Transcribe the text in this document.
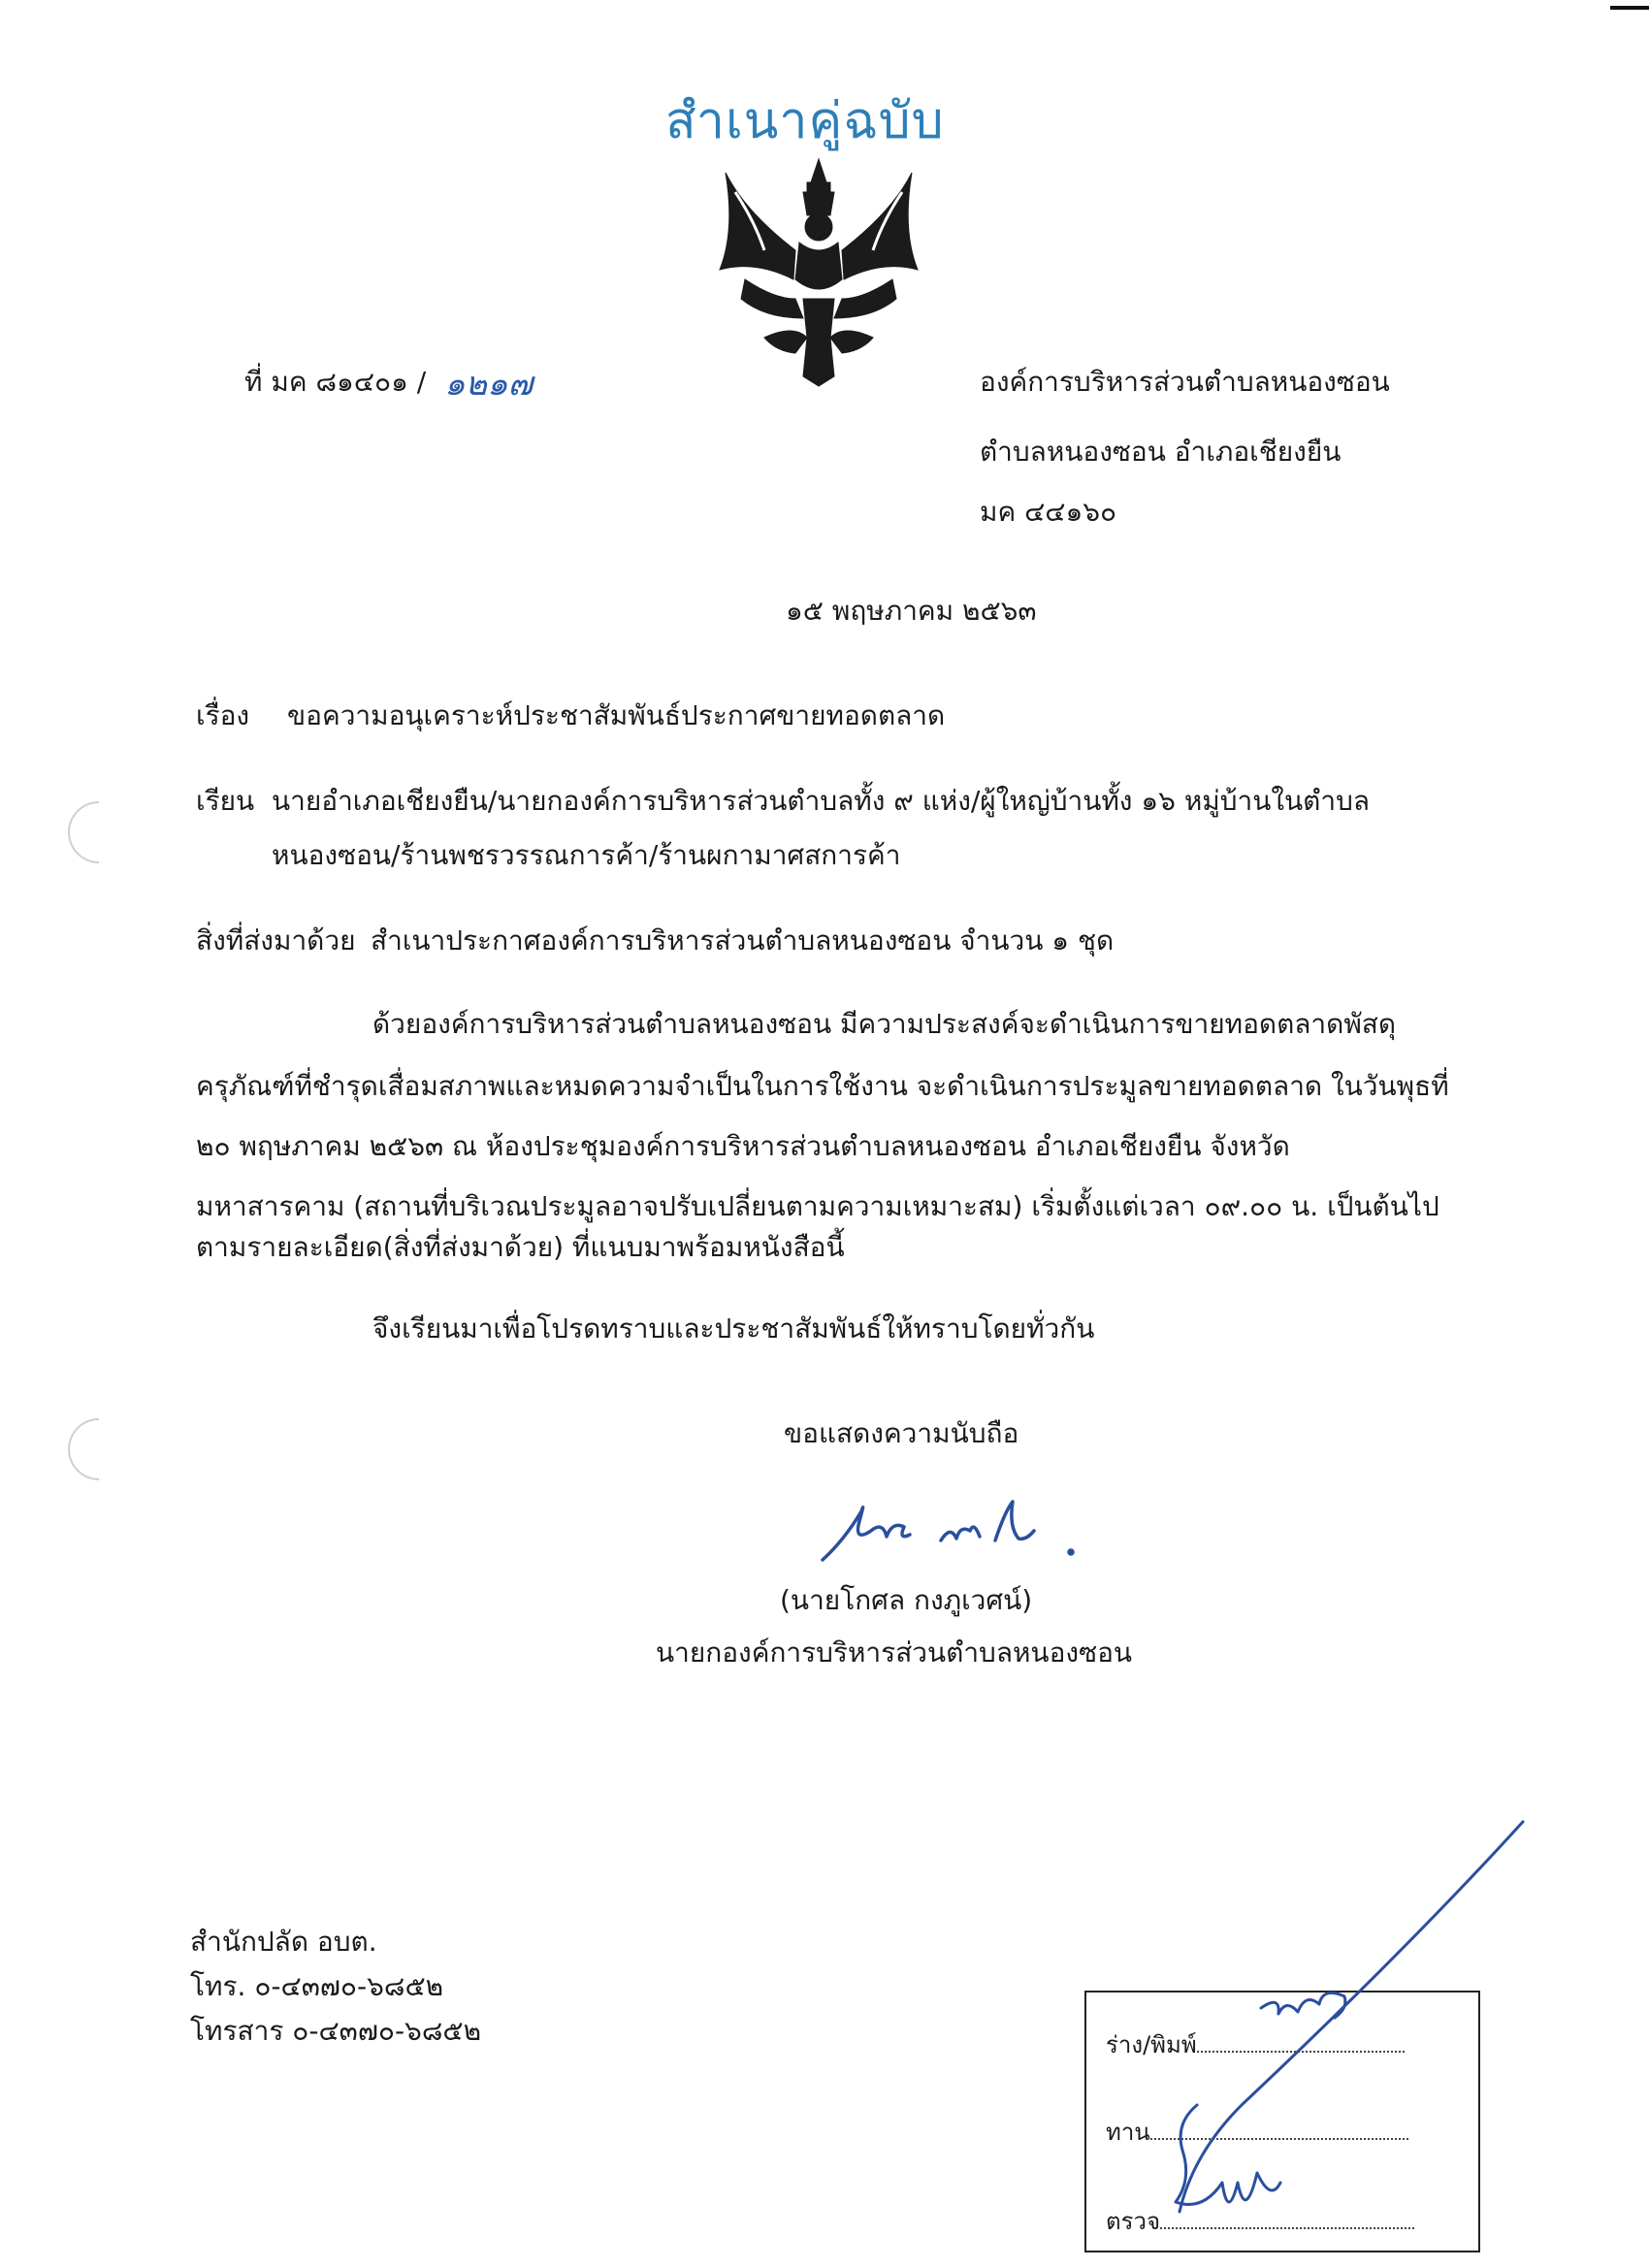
สำเนาคู่ฉบับ
ที่ มค ๘๑๔๐๑ / ๑๒๑๗	องค์การบริหารส่วนตำบลหนองซอน
ตำบลหนองซอน อำเภอเชียงยืน
มค ๔๔๑๖๐
๑๕ พฤษภาคม ๒๕๖๓
เรื่อง ขอความอนุเคราะห์ประชาสัมพันธ์ประกาศขายทอดตลาด
เรียน นายอำเภอเชียงยืน/นายกองค์การบริหารส่วนตำบลทั้ง ๙ แห่ง/ผู้ใหญ่บ้านทั้ง ๑๖ หมู่บ้านในตำบล
หนองซอน/ร้านพชรวรรณการค้า/ร้านผกามาศสการค้า
สิ่งที่ส่งมาด้วย สำเนาประกาศองค์การบริหารส่วนตำบลหนองซอน จำนวน ๑ ชุด
ด้วยองค์การบริหารส่วนตำบลหนองซอน มีความประสงค์จะดำเนินการขายทอดตลาดพัสดุ
ครุภัณฑ์ที่ชำรุดเสื่อมสภาพและหมดความจำเป็นในการใช้งาน จะดำเนินการประมูลขายทอดตลาด ในวันพุธที่
๒๐ พฤษภาคม ๒๕๖๓ ณ ห้องประชุมองค์การบริหารส่วนตำบลหนองซอน อำเภอเชียงยืน จังหวัด
มหาสารคาม (สถานที่บริเวณประมูลอาจปรับเปลี่ยนตามความเหมาะสม) เริ่มตั้งแต่เวลา ๐๙.๐๐ น. เป็นต้นไป
ตามรายละเอียด(สิ่งที่ส่งมาด้วย) ที่แนบมาพร้อมหนังสือนี้
จึงเรียนมาเพื่อโปรดทราบและประชาสัมพันธ์ให้ทราบโดยทั่วกัน
ขอแสดงความนับถือ
(นายโกศล กงภูเวศน์)
นายกองค์การบริหารส่วนตำบลหนองซอน
สำนักปลัด อบต.
โทร. ๐-๔๓๗๐-๖๘๕๒
โทรสาร ๐-๔๓๗๐-๖๘๕๒	ร่าง/พิมพ์
ทาน
ตรวจ
